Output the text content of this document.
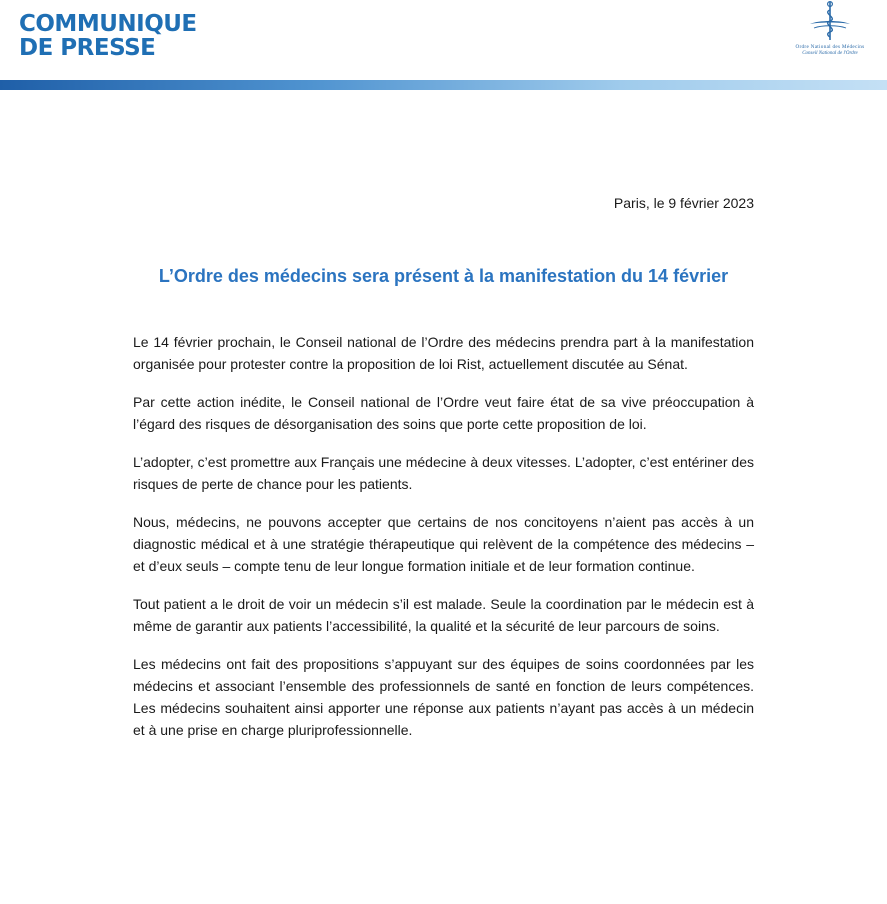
COMMUNIQUE
DE PRESSE	Ordre National des Médecins
Conseil National de l'Ordre
Paris, le 9 février 2023
L’Ordre des médecins sera présent à la manifestation du 14 février

Le 14 février prochain, le Conseil national de l’Ordre des médecins prendra part à la manifestation organisée pour protester contre la proposition de loi Rist, actuellement discutée au Sénat.

Par cette action inédite, le Conseil national de l’Ordre veut faire état de sa vive préoccupation à l’égard des risques de désorganisation des soins que porte cette proposition de loi.

L’adopter, c’est promettre aux Français une médecine à deux vitesses. L’adopter, c’est entériner des risques de perte de chance pour les patients.

Nous, médecins, ne pouvons accepter que certains de nos concitoyens n’aient pas accès à un diagnostic médical et à une stratégie thérapeutique qui relèvent de la compétence des médecins – et d’eux seuls – compte tenu de leur longue formation initiale et de leur formation continue.

Tout patient a le droit de voir un médecin s’il est malade. Seule la coordination par le médecin est à même de garantir aux patients l’accessibilité, la qualité et la sécurité de leur parcours de soins.

Les médecins ont fait des propositions s’appuyant sur des équipes de soins coordonnées par les médecins et associant l’ensemble des professionnels de santé en fonction de leurs compétences. Les médecins souhaitent ainsi apporter une réponse aux patients n’ayant pas accès à un médecin et à une prise en charge pluriprofessionnelle.
